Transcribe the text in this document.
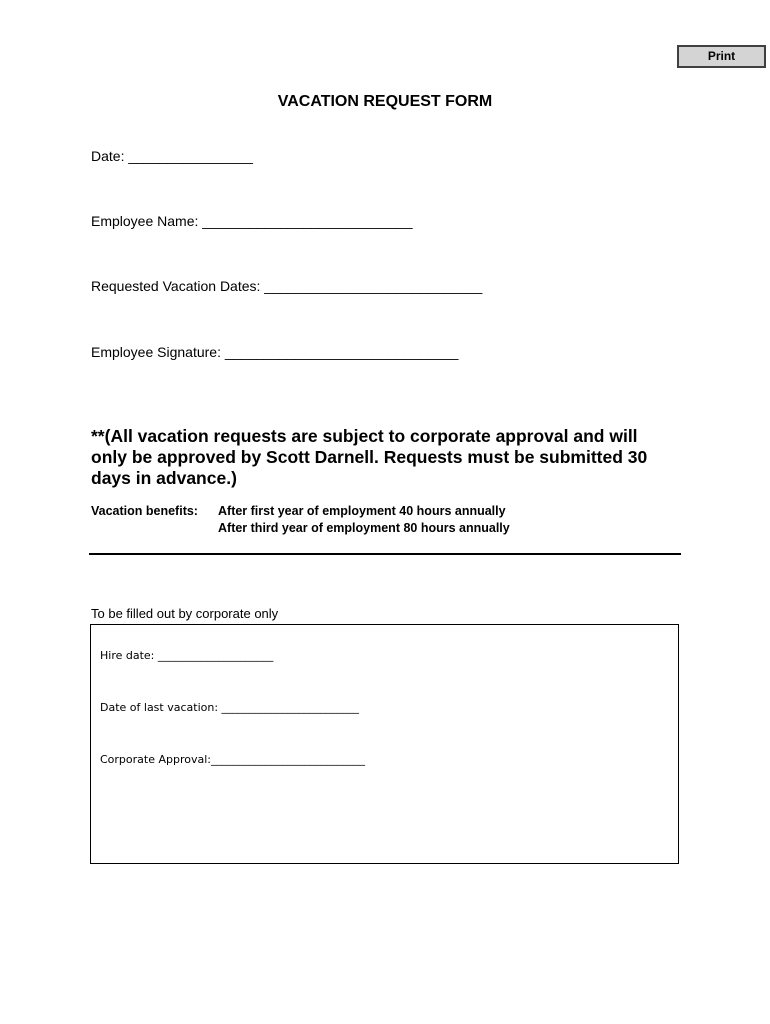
Print
VACATION REQUEST FORM
Date: ________________
Employee Name: ___________________________
Requested Vacation Dates: ____________________________
Employee Signature: ______________________________
**(All vacation requests are subject to corporate approval and will
only be approved by Scott Darnell. Requests must be submitted 30
days in advance.)
Vacation benefits: After first year of employment 40 hours annually
After third year of employment 80 hours annually
To be filled out by corporate only
Hire date: _____________________
Date of last vacation: _________________________
Corporate Approval:____________________________
